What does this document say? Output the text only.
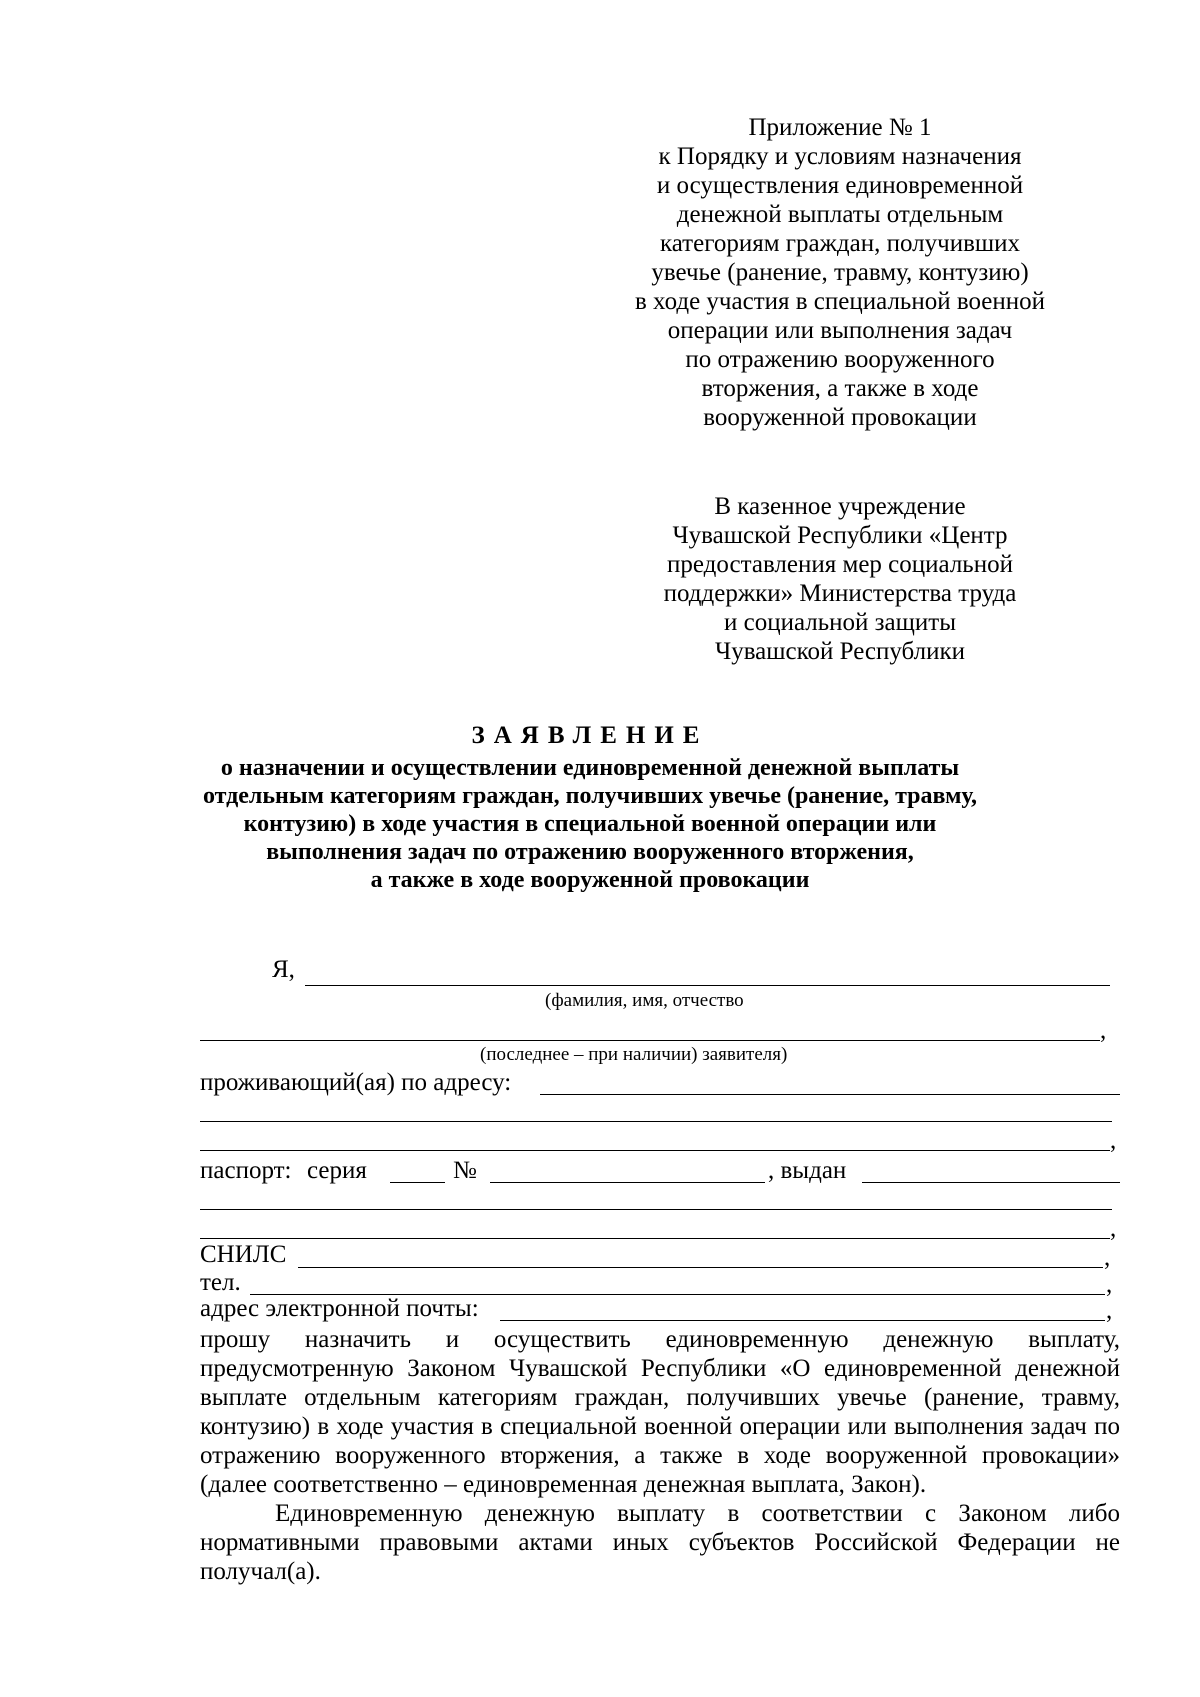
Приложение № 1
к Порядку и условиям назначения
и осуществления единовременной
денежной выплаты отдельным
категориям граждан, получивших
увечье (ранение, травму, контузию)
в ходе участия в специальной военной
операции или выполнения задач
по отражению вооруженного
вторжения, а также в ходе
вооруженной провокации
В казенное учреждение
Чувашской Республики «Центр
предоставления мер социальной
поддержки» Министерства труда
и социальной защиты
Чувашской Республики
ЗАЯВЛЕНИЕ
о назначении и осуществлении единовременной денежной выплаты
отдельным категориям граждан, получивших увечье (ранение, травму,
контузию) в ходе участия в специальной военной операции или
выполнения задач по отражению вооруженного вторжения,
а также в ходе вооруженной провокации
Я,
(фамилия, имя, отчество
,
(последнее – при наличии) заявителя)
проживающий(ая) по адресу:
,
паспорт: серия	№	, выдан
,
СНИЛС	,
тел.	,
адрес электронной почты:	,

прошу назначить и осуществить единовременную денежную выплату, предусмотренную Законом Чувашской Республики «О единовременной денежной выплате отдельным категориям граждан, получивших увечье (ранение, травму, контузию) в ходе участия в специальной военной операции или выполнения задач по отражению вооруженного вторжения, а также в ходе вооруженной провокации» (далее соответственно – единовременная денежная выплата, Закон).

Единовременную денежную выплату в соответствии с Законом либо нормативными правовыми актами иных субъектов Российской Федерации не получал(а).
